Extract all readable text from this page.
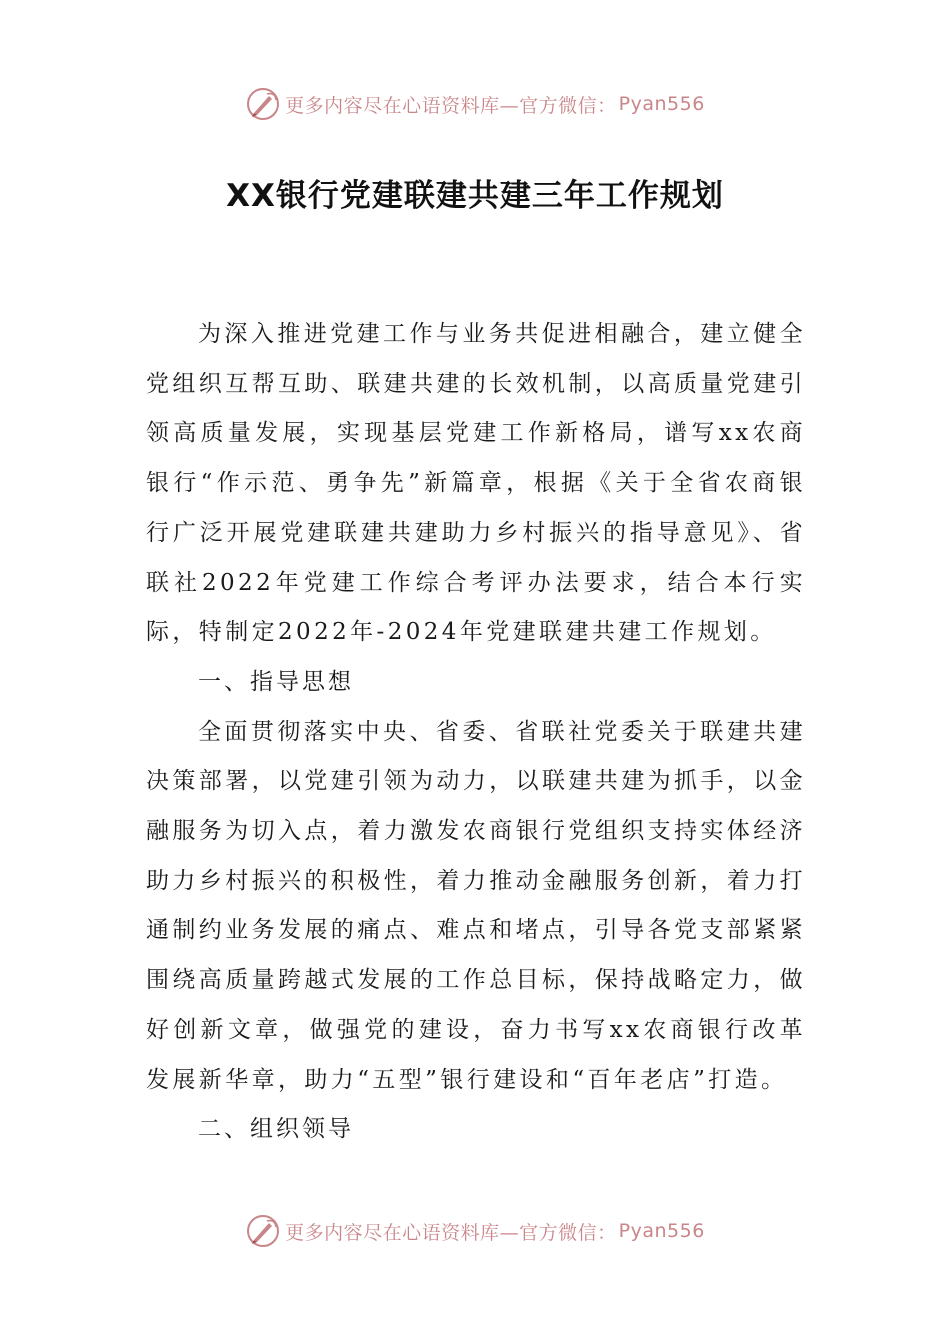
更多内容尽在心语资料库—官方微信： Pyan556
XX银行党建联建共建三年工作规划

为深入推进党建工作与业务共促进相融合，建立健全党组织互帮互助、联建共建的长效机制，以高质量党建引领高质量发展，实现基层党建工作新格局，谱写xx农商银行“作示范、勇争先”新篇章，根据《关于全省农商银行广泛开展党建联建共建助力乡村振兴的指导意见》、省联社2022年党建工作综合考评办法要求，结合本行实际，特制定2022年-2024年党建联建共建工作规划。

一、指导思想

全面贯彻落实中央、省委、省联社党委关于联建共建决策部署，以党建引领为动力，以联建共建为抓手，以金融服务为切入点，着力激发农商银行党组织支持实体经济助力乡村振兴的积极性，着力推动金融服务创新，着力打通制约业务发展的痛点、难点和堵点，引导各党支部紧紧围绕高质量跨越式发展的工作总目标，保持战略定力，做好创新文章，做强党的建设，奋力书写xx农商银行改革发展新华章，助力“五型”银行建设和“百年老店”打造。

二、组织领导

更多内容尽在心语资料库—官方微信： Pyan556
